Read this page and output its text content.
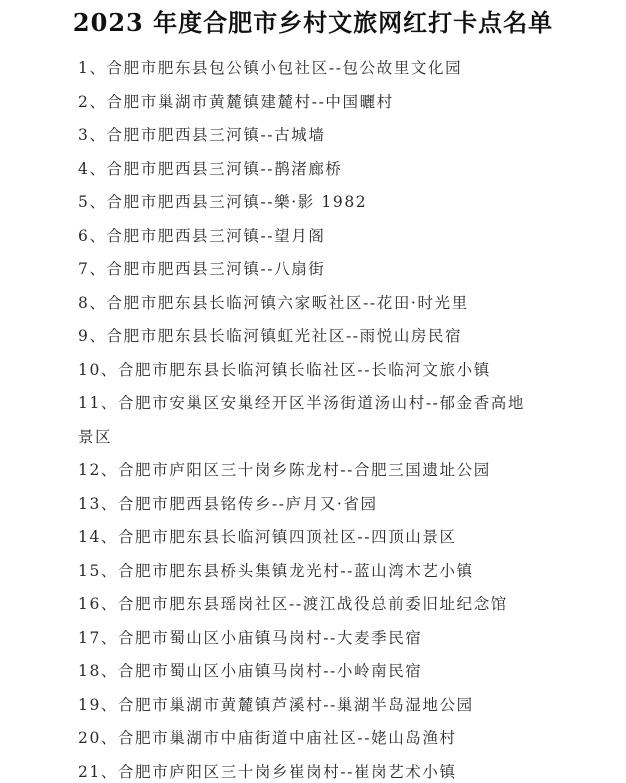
2023 年度合肥市乡村文旅网红打卡点名单
1、合肥市肥东县包公镇小包社区--包公故里文化园
2、合肥市巢湖市黄麓镇建麓村--中国曬村
3、合肥市肥西县三河镇--古城墙
4、合肥市肥西县三河镇--鹊渚廊桥
5、合肥市肥西县三河镇--樂·影 1982
6、合肥市肥西县三河镇--望月阁
7、合肥市肥西县三河镇--八扇街
8、合肥市肥东县长临河镇六家畈社区--花田·时光里
9、合肥市肥东县长临河镇虹光社区--雨悦山房民宿
10、合肥市肥东县长临河镇长临社区--长临河文旅小镇
11、合肥市安巢区安巢经开区半汤街道汤山村--郁金香高地
景区
12、合肥市庐阳区三十岗乡陈龙村--合肥三国遗址公园
13、合肥市肥西县铭传乡--庐月又·省园
14、合肥市肥东县长临河镇四顶社区--四顶山景区
15、合肥市肥东县桥头集镇龙光村--蓝山湾木艺小镇
16、合肥市肥东县瑶岗社区--渡江战役总前委旧址纪念馆
17、合肥市蜀山区小庙镇马岗村--大麦季民宿
18、合肥市蜀山区小庙镇马岗村--小岭南民宿
19、合肥市巢湖市黄麓镇芦溪村--巢湖半岛湿地公园
20、合肥市巢湖市中庙街道中庙社区--姥山岛渔村
21、合肥市庐阳区三十岗乡崔岗村--崔岗艺术小镇
